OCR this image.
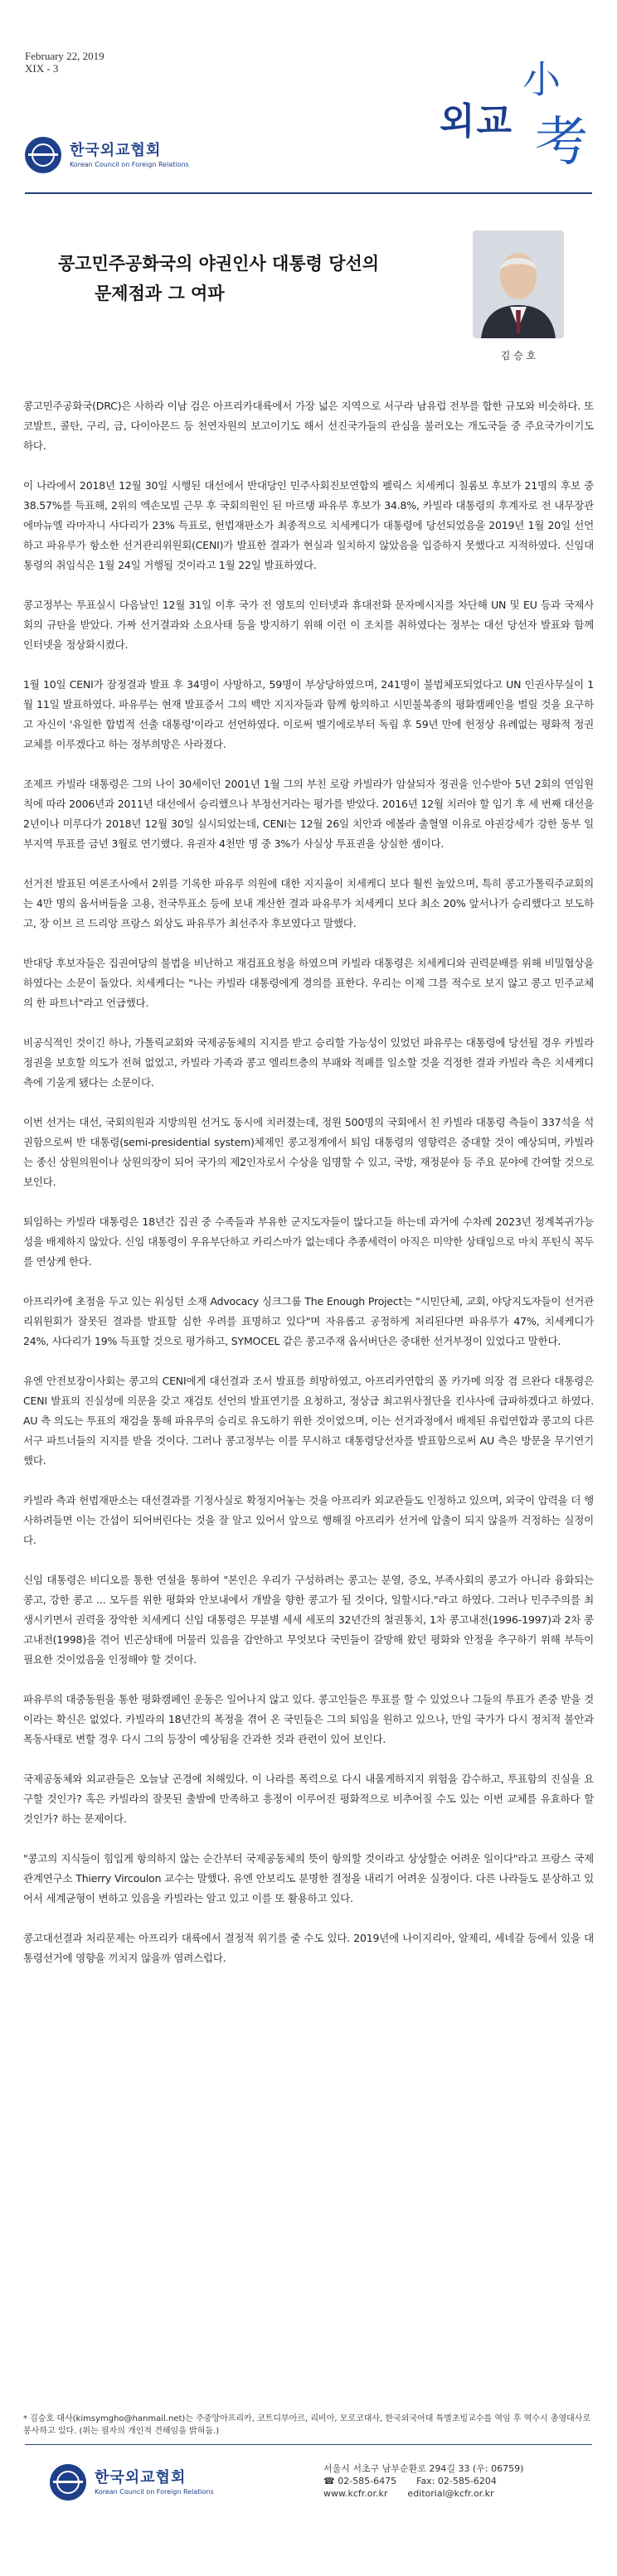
February 22, 2019
XIX - 3
한국외교협회
Korean Council on Foreign Relations
외교
小
考
콩고민주공화국의 야권인사 대통령 당선의
문제점과 그 여파
김 승 호

콩고민주공화국(DRC)은 사하라 이남 검은 아프리카대륙에서 가장 넓은 지역으로 서구라 남유럽 전부를 합한 규모와 비슷하다. 또 코발트, 콜탄, 구리, 금, 다이아몬드 등 천연자원의 보고이기도 해서 선진국가들의 관심을 불러오는 개도국들 중 주요국가이기도 하다.

이 나라에서 2018년 12월 30일 시행된 대선에서 반대당인 민주사회진보연합의 펠릭스 치세케디 칠롬보 후보가 21명의 후보 중 38.57%를 득표해, 2위의 엑손모빌 근무 후 국회의원인 된 마르탱 파유루 후보가 34.8%, 카빌라 대통령의 후계자로 전 내무장관 에마뉴엘 라마자니 샤다리가 23% 득표로, 헌법재판소가 최종적으로 치세케디가 대통령에 당선되었음을 2019년 1월 20일 선언하고 파유루가 항소한 선거관리위원회(CENI)가 발표한 결과가 현실과 일치하지 않았음을 입증하지 못했다고 지적하였다. 신임대통령의 취임식은 1월 24일 거행될 것이라고 1월 22일 발표하였다.

콩고정부는 투표실시 다음날인 12월 31일 이후 국가 전 영토의 인터넷과 휴대전화 문자메시지를 차단해 UN 및 EU 등과 국제사회의 규탄을 받았다. 가짜 선거결과와 소요사태 등을 방지하기 위해 이런 이 조치를 취하였다는 정부는 대선 당선자 발표와 함께 인터넷을 정상화시켰다.

1월 10일 CENI가 잠정결과 발표 후 34명이 사망하고, 59명이 부상당하였으며, 241명이 불법체포되었다고 UN 인권사무실이 1월 11일 발표하였다. 파유루는 현재 발표증서 그의 백만 지지자들과 함께 항의하고 시민불복종의 평화캠페인을 벌릴 것을 요구하고 자신이 '유일한 합법적 선출 대통령'이라고 선언하였다. 이로써 벨기에로부터 독립 후 59년 만에 헌정상 유례없는 평화적 정권교체를 이루겠다고 하는 정부희망은 사라졌다.

조제프 카빌라 대통령은 그의 나이 30세이던 2001년 1월 그의 부친 로랑 카빌라가 암살되자 정권을 인수받아 5년 2회의 연임원칙에 따라 2006년과 2011년 대선에서 승리했으나 부정선거라는 평가를 받았다. 2016년 12월 치러야 할 임기 후 세 번째 대선을 2년이나 미루다가 2018년 12월 30일 실시되었는데, CENI는 12월 26일 치안과 에볼라 출혈열 이유로 야권강세가 강한 동부 일부지역 투표를 금년 3월로 연기했다. 유권자 4천만 명 중 3%가 사실상 투표권을 상실한 셈이다.

선거전 발표된 여론조사에서 2위를 기록한 파유루 의원에 대한 지지율이 치세케디 보다 훨씬 높았으며, 특히 콩고가톨릭주교회의는 4만 명의 옵서버들을 고용, 전국투표소 등에 보내 계산한 결과 파유루가 치세케디 보다 최소 20% 앞서나가 승리했다고 보도하고, 장 이브 르 드리앙 프랑스 외상도 파유루가 최선주자 후보였다고 말했다.

반대당 후보자들은 집권여당의 불법을 비난하고 재검표요청을 하였으며 카빌라 대통령은 치세케디와 권력분배를 위해 비밀협상을 하였다는 소문이 돌았다. 치세케디는 "나는 카빌라 대통령에게 경의를 표한다. 우리는 이제 그를 적수로 보지 않고 콩고 민주교체의 한 파트너"라고 언급했다.

비공식적인 것이긴 하나, 가톨릭교회와 국제공동체의 지지를 받고 승리할 가능성이 있었던 파유루는 대통령에 당선될 경우 카빌라정권을 보호할 의도가 전혀 없었고, 카빌라 가족과 콩고 엘리트층의 부패와 적폐를 일소할 것을 걱정한 결과 카빌라 측은 치세케디 측에 기울게 됐다는 소문이다.

이번 선거는 대선, 국회의원과 지방의원 선거도 동시에 치러졌는데, 정원 500명의 국회에서 친 카빌라 대통령 측들이 337석을 석권함으로써 반 대통령(semi-presidential system)체제인 콩고정계에서 퇴임 대통령의 영향력은 중대할 것이 예상되며, 카빌라는 종신 상원의원이나 상원의장이 되어 국가의 제2인자로서 수상을 임명할 수 있고, 국방, 재정분야 등 주요 분야에 간여할 것으로 보인다.

퇴임하는 카빌라 대통령은 18년간 집권 중 수족들과 부유한 군지도자들이 많다고들 하는데 과거에 수차례 2023년 정계복귀가능성을 배제하지 않았다. 신임 대통령이 우유부단하고 카리스마가 없는데다 추종세력이 아직은 미약한 상태임으로 마치 푸틴식 꼭두를 연상케 한다.

아프리카에 초점을 두고 있는 워싱턴 소재 Advocacy 싱크그룹 The Enough Project는 "시민단체, 교회, 야당지도자들이 선거관리위원회가 잘못된 결과를 발표할 심한 우려를 표명하고 있다"며 자유롭고 공정하게 처리된다면 파유루가 47%, 치세케디가 24%, 샤다리가 19% 득표할 것으로 평가하고, SYMOCEL 같은 콩고주재 옵서버단은 중대한 선거부정이 있었다고 말한다.

유엔 안전보장이사회는 콩고의 CENI에게 대선결과 조서 발표를 희망하였고, 아프리카연합의 폴 카가메 의장 겸 르완다 대통령은 CENI 발표의 진실성에 의문을 갖고 재검토 선언의 발표연기를 요청하고, 정상급 최고위사절단을 킨샤사에 급파하겠다고 하였다. AU 측 의도는 투표의 재검을 통해 파유루의 승리로 유도하기 위한 것이었으며, 이는 선거과정에서 배제된 유럽연합과 콩고의 다른 서구 파트너들의 지지를 받을 것이다. 그러나 콩고정부는 이를 무시하고 대통령당선자를 발표함으로써 AU 측은 방문을 무기연기했다.

카빌라 측과 헌법재판소는 대선결과를 기정사실로 확정지어놓는 것을 아프리카 외교관들도 인정하고 있으며, 외국이 압력을 더 행사하려들면 이는 간섭이 되어버린다는 것을 잘 알고 있어서 앞으로 행해질 아프리카 선거에 압출이 되지 않을까 걱정하는 실정이다.

신임 대통령은 비디오를 통한 연설을 통하여 "본인은 우리가 구성하려는 콩고는 분열, 증오, 부족사회의 콩고가 아니라 융화되는 콩고, 강한 콩고 ... 모두를 위한 평화와 안보내에서 개발을 향한 콩고가 될 것이다, 일할시다."라고 하였다. 그러나 민주주의를 최생시키면서 권력을 장악한 치세케디 신임 대통령은 무분별 세세 세포의 32년간의 철권통치, 1차 콩고내전(1996-1997)과 2차 콩고내전(1998)을 겪어 빈곤상태에 머물러 있음을 감안하고 무엇보다 국민들이 갈망해 왔던 평화와 안정을 추구하기 위해 부득이 필요한 것이었음을 인정해야 할 것이다.

파유루의 대중동원을 통한 평화캠페인 운동은 일어나지 않고 있다. 콩고인들은 투표를 할 수 있었으나 그들의 투표가 존중 받을 것이라는 확신은 없었다. 카빌라의 18년간의 폭정을 겪어 온 국민들은 그의 퇴임을 원하고 있으나, 만일 국가가 다시 정치적 불안과 폭동사태로 변할 경우 다시 그의 등장이 예상됨을 간과한 것과 관련이 있어 보인다.

국제공동체와 외교관들은 오늘날 곤경에 처해있다. 이 나라를 폭력으로 다시 내몰게하지지 위험을 감수하고, 투표함의 진실을 요구할 것인가? 혹은 카빌라의 잘못된 출발에 만족하고 흥정이 이루어진 평화적으로 비추어질 수도 있는 이번 교체를 유효하다 할 것인가? 하는 문제이다.

"콩고의 지식들이 힘입게 항의하지 않는 순간부터 국제공동체의 뜻이 항의할 것이라고 상상할순 어려운 일이다"라고 프랑스 국제관계연구소 Thierry Vircoulon 교수는 말했다. 유엔 안보리도 분명한 결정을 내리기 어려운 실정이다. 다른 나라들도 분상하고 있어서 세계균형이 변하고 있음을 카빌라는 알고 있고 이를 또 활용하고 있다.

콩고대선결과 처리문제는 아프리카 대륙에서 결정적 위기를 줄 수도 있다. 2019년에 나이지리아, 알제리, 세네갈 등에서 있을 대통령선거에 영향을 끼치지 않을까 염려스럽다.

* 김승호 대사(kimsymgho@hanmail.net)는 주중앙아프리카, 코트디부아르, 리비아, 모로코대사, 한국외국어대 특별초빙교수를 역임 후 역수시 총영대사로 봉사하고 있다. (위는 필자의 개인적 견해임을 밝혀둠.)
한국외교협회
Korean Council on Foreign Relations
서울시 서초구 남부순환로 294길 33 (우: 06759)
☎ 02-585-6475 Fax: 02-585-6204
www.kcfr.or.kr editorial@kcfr.or.kr
